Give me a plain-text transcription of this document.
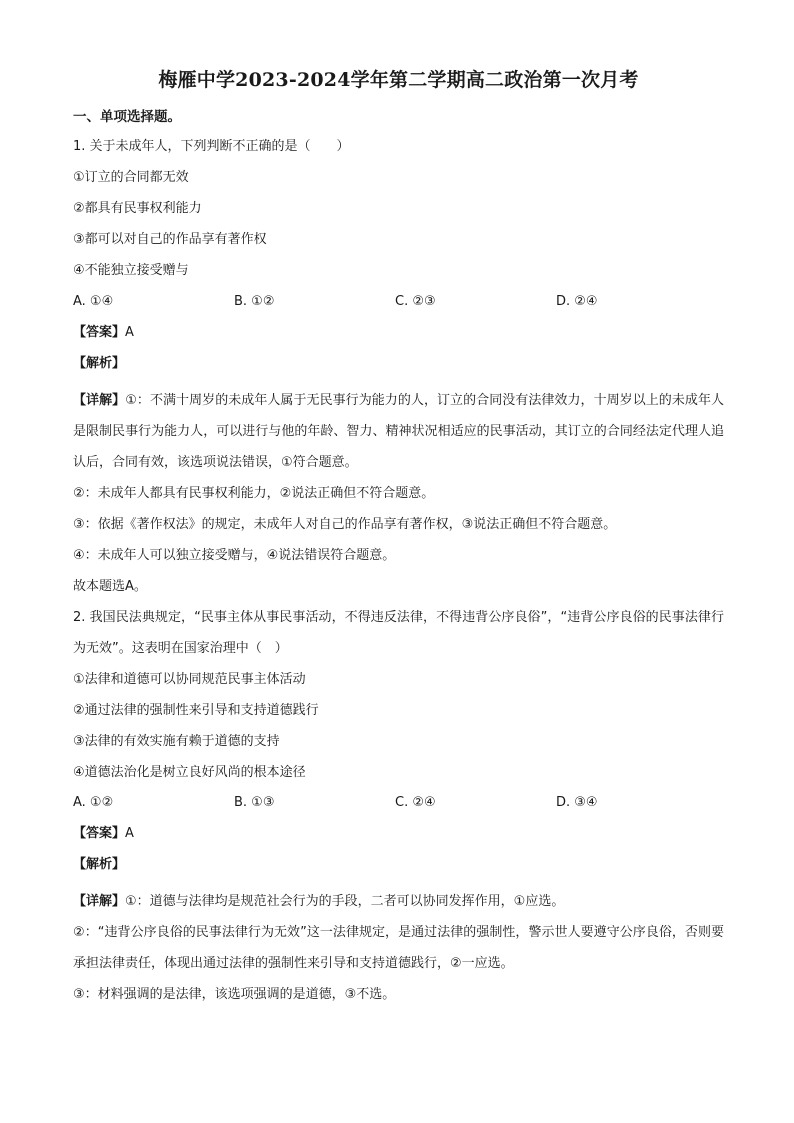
梅雁中学2023-2024学年第二学期高二政治第一次月考
一、单项选择题。
1. 关于未成年人，下列判断不正确的是（　　）
①订立的合同都无效
②都具有民事权利能力
③都可以对自己的作品享有著作权
④不能独立接受赠与
A. ①④	B. ①②	C. ②③	D. ②④
【答案】A
【解析】

【详解】①：不满十周岁的未成年人属于无民事行为能力的人，订立的合同没有法律效力，十周岁以上的未成年人是限制民事行为能力人，可以进行与他的年龄、智力、精神状况相适应的民事活动，其订立的合同经法定代理人追认后，合同有效，该选项说法错误，①符合题意。

②：未成年人都具有民事权利能力，②说法正确但不符合题意。

③：依据《著作权法》的规定，未成年人对自己的作品享有著作权，③说法正确但不符合题意。

④：未成年人可以独立接受赠与，④说法错误符合题意。

故本题选A。

2. 我国民法典规定，“民事主体从事民事活动，不得违反法律，不得违背公序良俗”，“违背公序良俗的民事法律行为无效”。这表明在国家治理中（　）

①法律和道德可以协同规范民事主体活动

②通过法律的强制性来引导和支持道德践行

③法律的有效实施有赖于道德的支持

④道德法治化是树立良好风尚的根本途径

A. ①②	B. ①③	C. ②④	D. ③④
【答案】A
【解析】

【详解】①：道德与法律均是规范社会行为的手段，二者可以协同发挥作用，①应选。

②：“违背公序良俗的民事法律行为无效”这一法律规定，是通过法律的强制性，警示世人要遵守公序良俗，否则要承担法律责任，体现出通过法律的强制性来引导和支持道德践行，②一应选。

③：材料强调的是法律，该选项强调的是道德，③不选。
